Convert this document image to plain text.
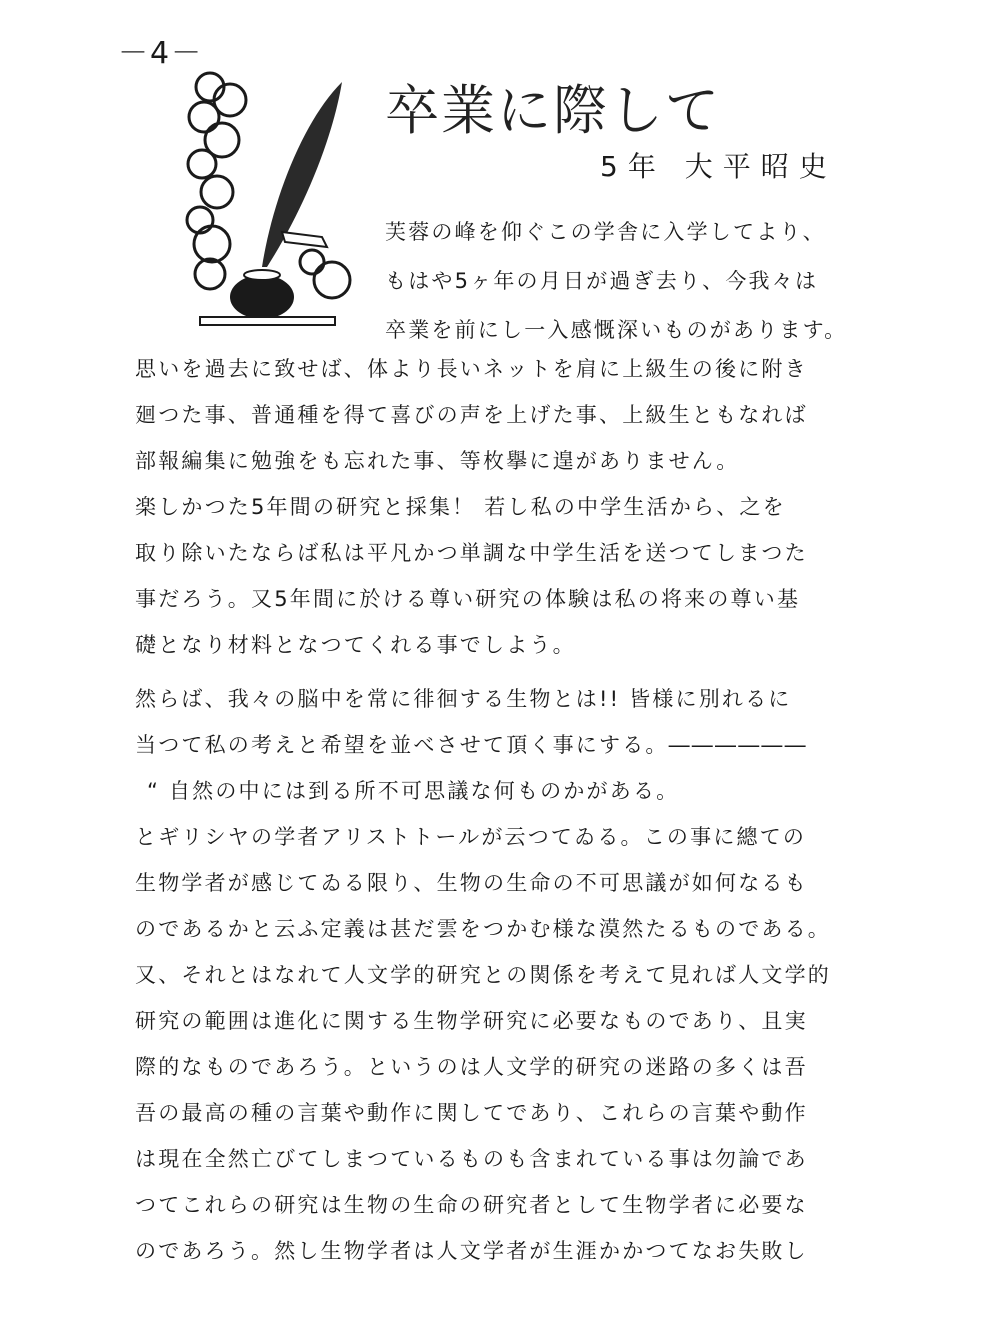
－4－
卒業に際して
5年 大平昭史
芙蓉の峰を仰ぐこの学舎に入学してより、
もはや5ヶ年の月日が過ぎ去り、今我々は
卒業を前にし一入感慨深いものがあります。
思いを過去に致せば、体より長いネットを肩に上級生の後に附き
廻つた事、普通種を得て喜びの声を上げた事、上級生ともなれば
部報編集に勉強をも忘れた事、等枚擧に遑がありません。
楽しかつた5年間の研究と採集！ 若し私の中学生活から、之を
取り除いたならば私は平凡かつ単調な中学生活を送つてしまつた
事だろう。又5年間に於ける尊い研究の体験は私の将来の尊い基
礎となり材料となつてくれる事でしよう。
然らば、我々の脳中を常に徘徊する生物とは!! 皆様に別れるに
当つて私の考えと希望を並べさせて頂く事にする。――――――
“ 自然の中には到る所不可思議な何ものかがある。
とギリシヤの学者アリストトールが云つてゐる。この事に總ての
生物学者が感じてゐる限り、生物の生命の不可思議が如何なるも
のであるかと云ふ定義は甚だ雲をつかむ様な漠然たるものである。
又、それとはなれて人文学的研究との関係を考えて見れば人文学的
研究の範囲は進化に関する生物学研究に必要なものであり、且実
際的なものであろう。というのは人文学的研究の迷路の多くは吾
吾の最高の種の言葉や動作に関してであり、これらの言葉や動作
は現在全然亡びてしまつているものも含まれている事は勿論であ
つてこれらの研究は生物の生命の研究者として生物学者に必要な
のであろう。然し生物学者は人文学者が生涯かかつてなお失敗し
